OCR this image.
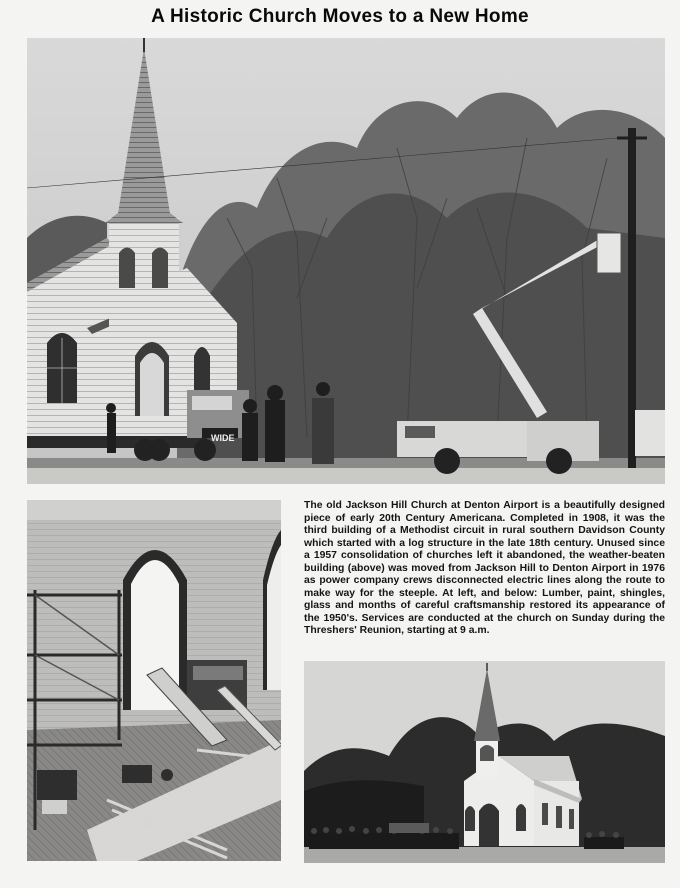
A Historic Church Moves to a New Home
WIDE

The old Jackson Hill Church at Denton Airport is a beautifully designed piece of early 20th Century Americana. Completed in 1908, it was the third building of a Methodist circuit in rural southern Davidson County which started with a log structure in the late 18th century. Unused since a 1957 consolidation of churches left it abandoned, the weather-beaten building (above) was moved from Jackson Hill to Denton Airport in 1976 as power company crews disconnected electric lines along the route to make way for the steeple. At left, and below: Lumber, paint, shingles, glass and months of careful craftsmanship restored its appearance of the 1950's. Services are conducted at the church on Sunday during the Threshers' Reunion, starting at 9 a.m.
